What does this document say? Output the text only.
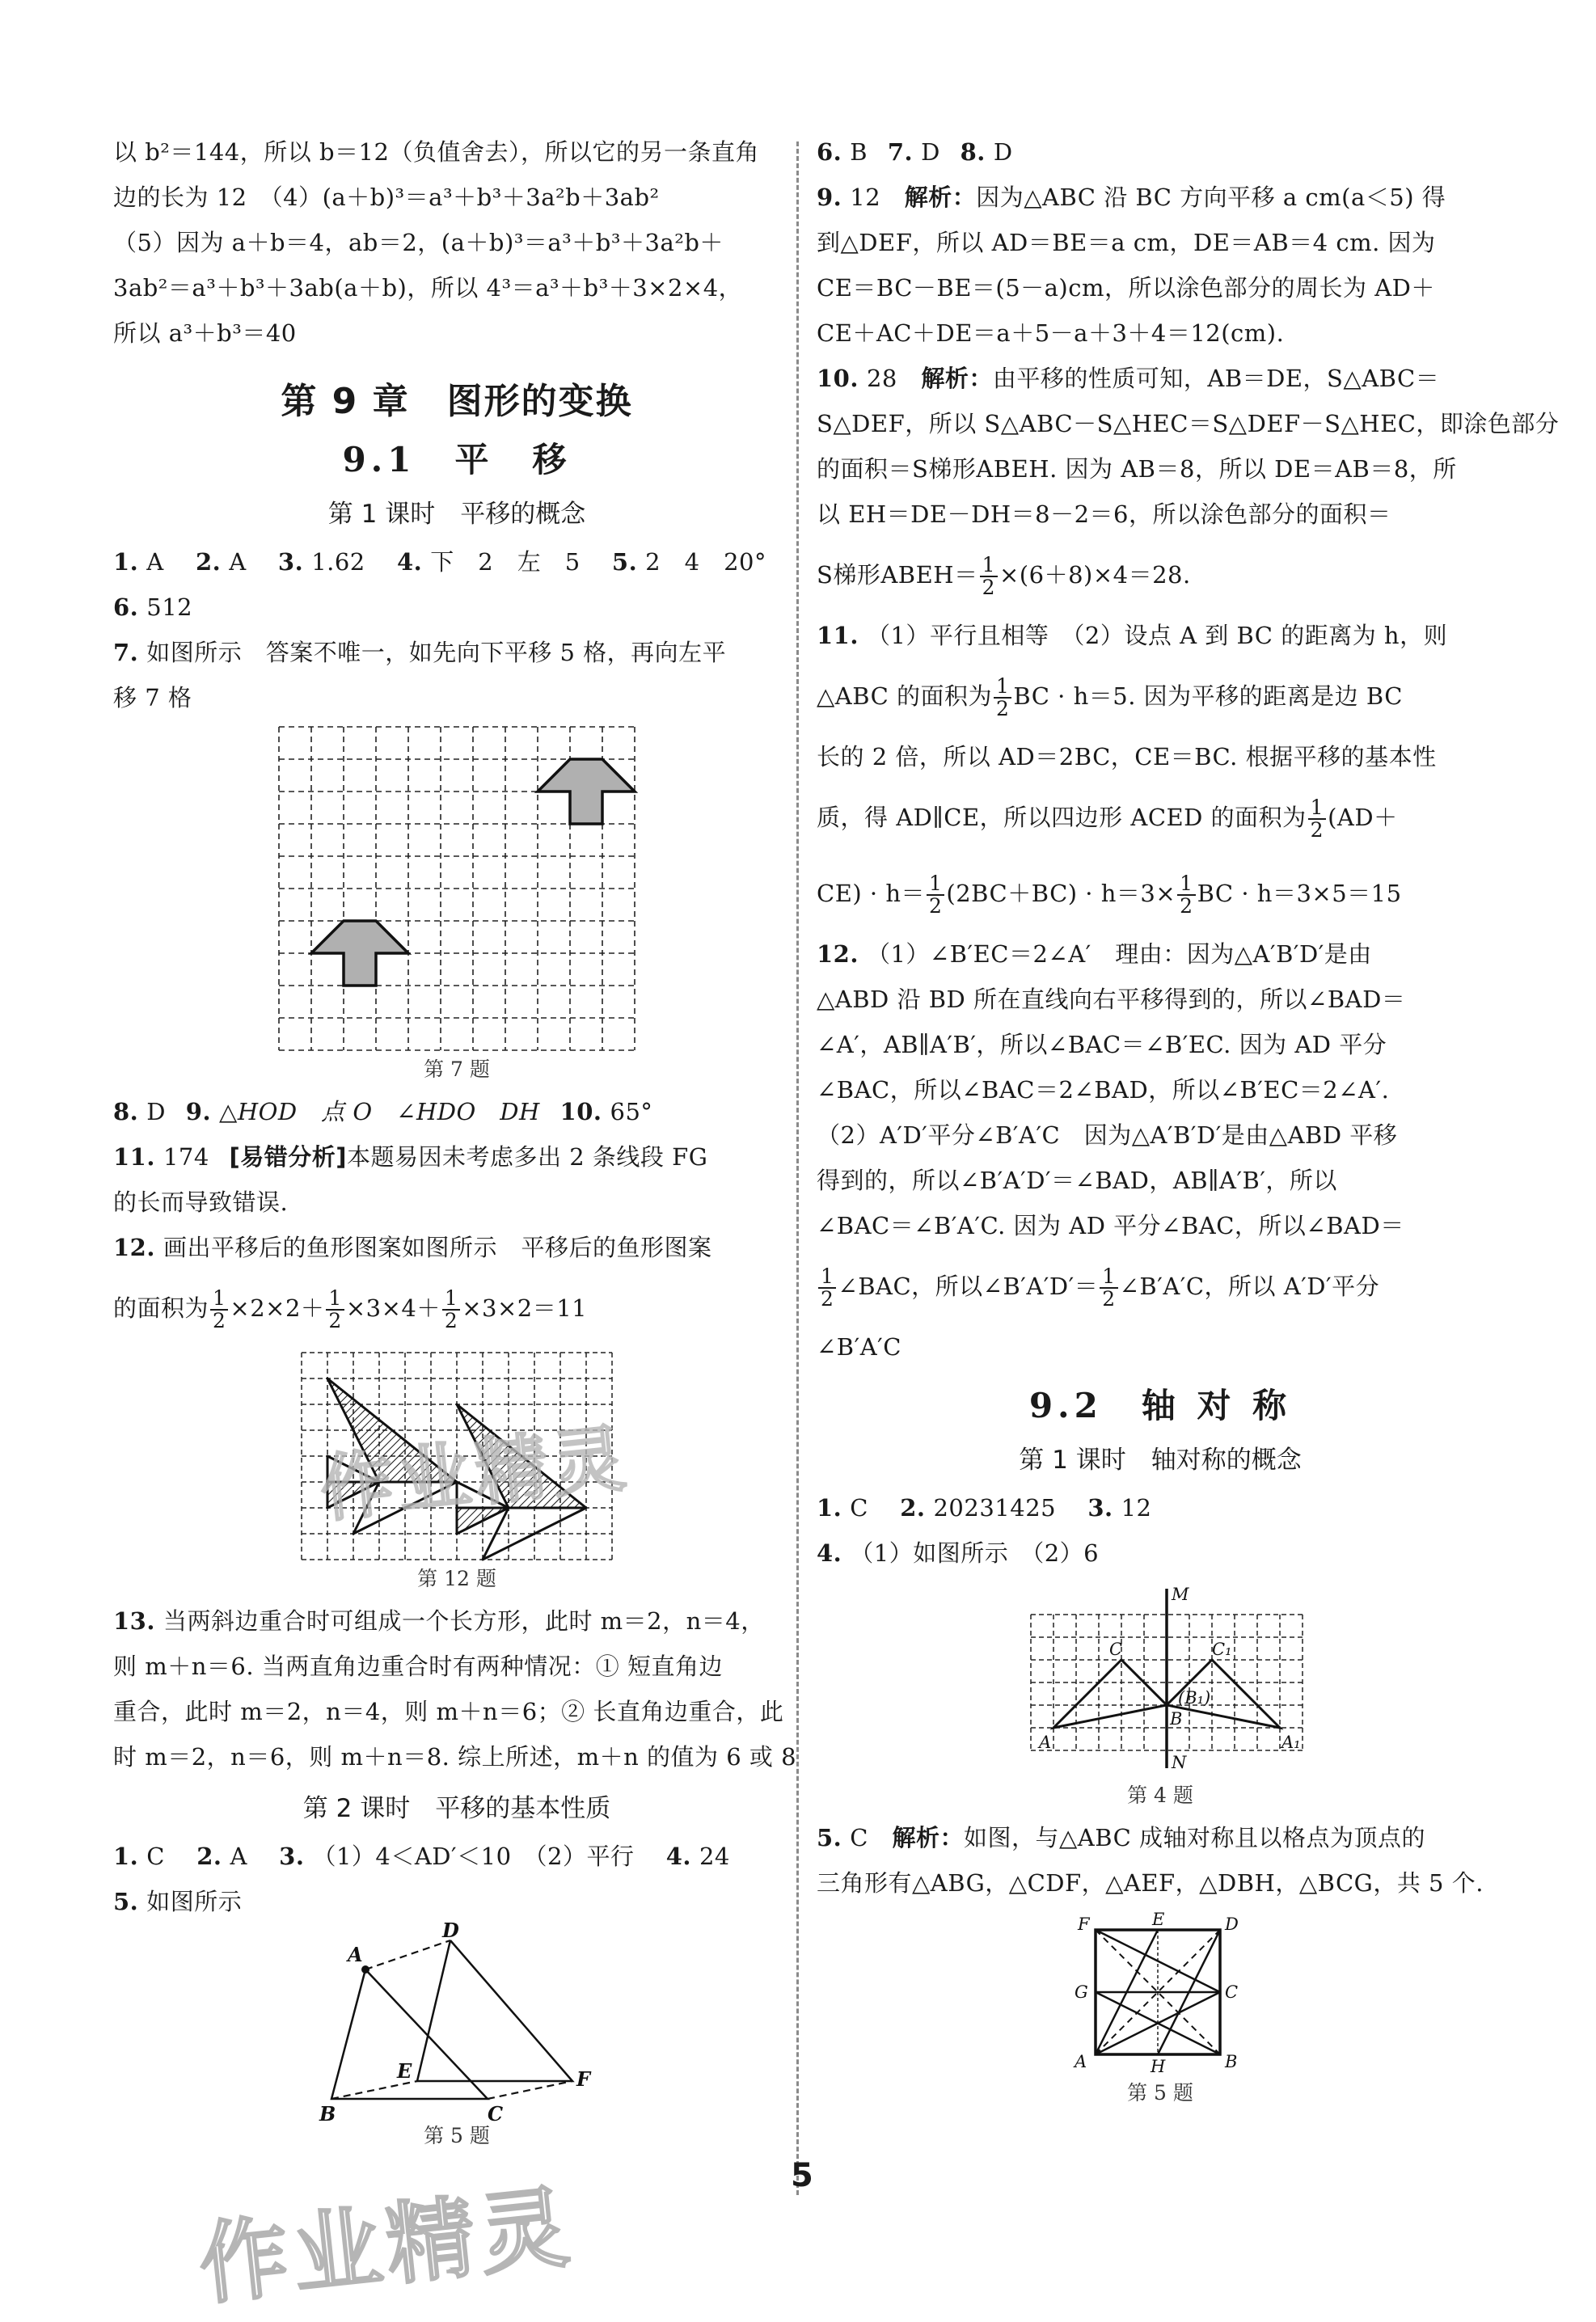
以 b²＝144，所以 b＝12（负值舍去），所以它的另一条直角
边的长为 12　（4）(a＋b)³＝a³＋b³＋3a²b＋3ab²
（5）因为 a＋b＝4，ab＝2，(a＋b)³＝a³＋b³＋3a²b＋
3ab²＝a³＋b³＋3ab(a＋b)，所以 4³＝a³＋b³＋3×2×4，
所以 a³＋b³＝40
第 9 章　图形的变换
9.1　平　移
第 1 课时　平移的概念
1. A  2. A  3. 1.62  4. 下　2　左　5  5. 2　4　20°
6. 512
7. 如图所示　答案不唯一，如先向下平移 5 格，再向左平
移 7 格
第 7 题
8. D  9. △HOD　点 O　∠HDO　DH  10. 65°
11. 174  [易错分析]本题易因未考虑多出 2 条线段 FG
的长而导致错误.
12. 画出平移后的鱼形图案如图所示　平移后的鱼形图案
的面积为 $\frac{1}{2} \times 2\times 2+ \frac{1}{2} \times 3\times 4+ \frac{1}{2} \times 3\times 2=11$
第 12 题
13. 当两斜边重合时可组成一个长方形，此时 m＝2，n＝4，
则 m＋n＝6. 当两直角边重合时有两种情况：① 短直角边
重合，此时 m＝2，n＝4，则 m＋n＝6；② 长直角边重合，此
时 m＝2，n＝6，则 m＋n＝8. 综上所述，m＋n 的值为 6 或 8
第 2 课时　平移的基本性质
1. C  2. A  3. （1）4＜AD′＜10　（2）平行  4. 24
5. 如图所示
A
B	C
D
E	F
第 5 题
6. B  7. D  8. D
9. 12  解析：因为△ABC 沿 BC 方向平移 a cm(a＜5) 得
到△DEF，所以 AD＝BE＝a cm，DE＝AB＝4 cm. 因为
CE＝BC－BE＝(5－a)cm，所以涂色部分的周长为 AD＋
CE＋AC＋DE＝a＋5－a＋3＋4＝12(cm).
10. 28  解析：由平移的性质可知，AB＝DE，S△ABC＝
S△DEF，所以 S△ABC－S△HEC＝S△DEF－S△HEC，即涂色部分
的面积＝S梯形ABEH. 因为 AB＝8，所以 DE＝AB＝8，所
以 EH＝DE－DH＝8－2＝6，所以涂色部分的面积＝
S梯形ABEH＝ $\frac{1}{2} \times(6+8)\times 4=28$.
11. （1）平行且相等　（2）设点 A 到 BC 的距离为 h，则
△ABC 的面积为 $\frac{1}{2}$ BC · h＝5. 因为平移的距离是边 BC
长的 2 倍，所以 AD＝2BC，CE＝BC. 根据平移的基本性
质，得 AD∥CE，所以四边形 ACED 的面积为 $\frac{1}{2} (AD+$
$CE) \cdot h= \frac{1}{2} (2BC+BC) \cdot h=3\times \frac{1}{2}$ BC · h＝3×5＝15
12. （1）∠B′EC＝2∠A′　理由：因为△A′B′D′是由
△ABD 沿 BD 所在直线向右平移得到的，所以∠BAD＝
∠A′，AB∥A′B′，所以∠BAC＝∠B′EC. 因为 AD 平分
∠BAC，所以∠BAC＝2∠BAD，所以∠B′EC＝2∠A′.
（2）A′D′平分∠B′A′C　因为△A′B′D′是由△ABD 平移
得到的，所以∠B′A′D′＝∠BAD，AB∥A′B′，所以
∠BAC＝∠B′A′C. 因为 AD 平分∠BAC，所以∠BAD＝
$\frac{1}{2}$ ∠BAC，所以∠B′A′D′＝ $\frac{1}{2}$ ∠B′A′C，所以 A′D′平分
∠B′A′C
9.2　轴 对 称
第 1 课时　轴对称的概念
1. C  2. 20231425  3. 12
4. （1）如图所示　（2）6
M
N
A
B
C
A₁
C₁
(B₁)
第 4 题
5. C  解析：如图，与△ABC 成轴对称且以格点为顶点的
三角形有△ABG，△CDF，△AEF，△DBH，△BCG，共 5 个.
A	B
C
D
E
F
G
H
第 5 题
5
作业精灵
作业精灵
